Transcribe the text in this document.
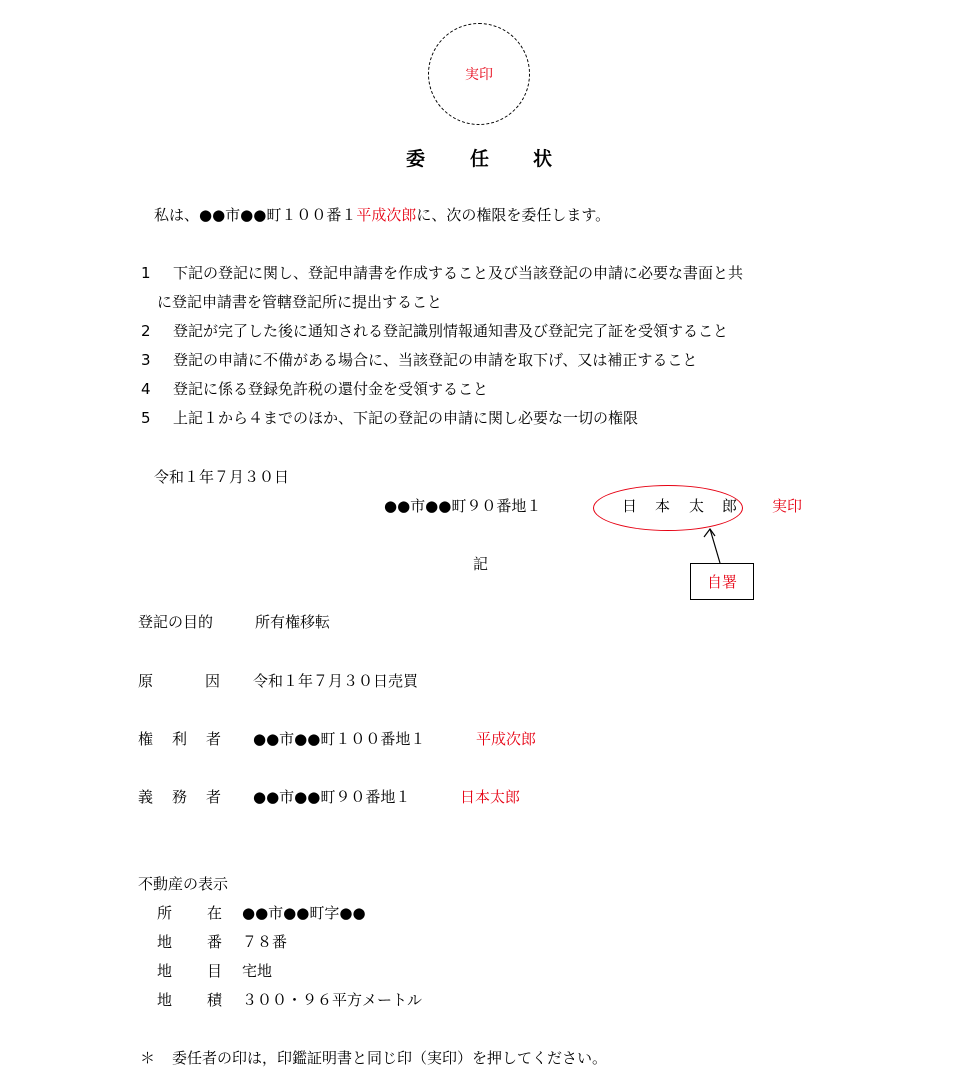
実印
委 任 状
私は、●●市●●町１００番１平成次郎に、次の権限を委任します。
1 下記の登記に関し、登記申請書を作成すること及び当該登記の申請に必要な書面と共
に登記申請書を管轄登記所に提出すること
2 登記が完了した後に通知される登記識別情報通知書及び登記完了証を受領すること
3 登記の申請に不備がある場合に、当該登記の申請を取下げ、又は補正すること
4 登記に係る登録免許税の還付金を受領すること
5 上記１から４までのほか、下記の登記の申請に関し必要な一切の権限
令和１年７月３０日
●●市●●町９０番地１	日 本 太 郎 実印
自署
記
登記の目的	所有権移転
原	因 令和１年７月３０日売買
権 利 者 ●●市●●町１００番地１	平成次郎
義 務 者 ●●市●●町９０番地１	日本太郎
不動産の表示
所 在 ●●市●●町字●●
地 番 ７８番
地 目 宅地
地 積 ３００・９６平方メートル
＊ 委任者の印は，印鑑証明書と同じ印（実印）を押してください。
